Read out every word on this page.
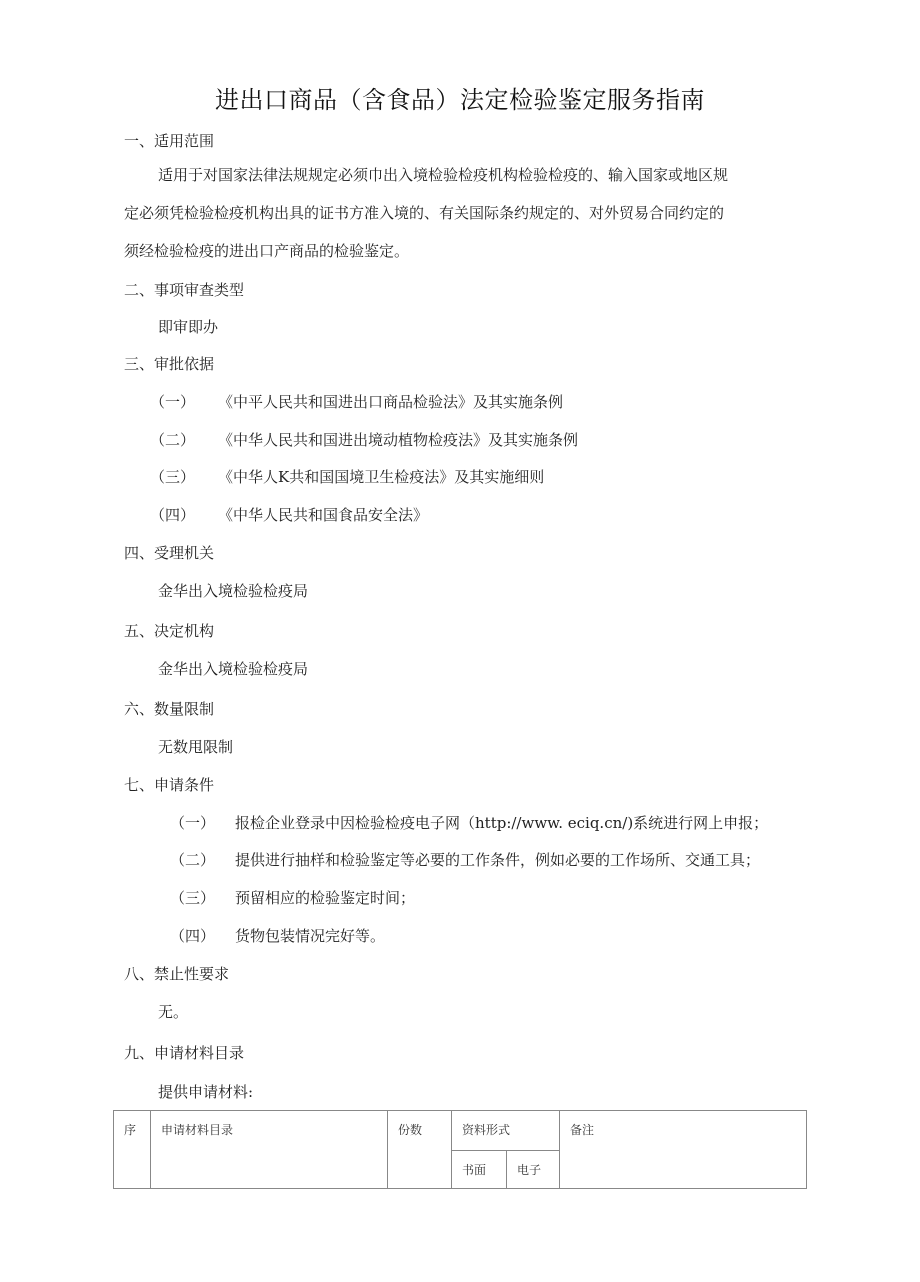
进出口商品（含食品）法定检验鉴定服务指南
一、适用范围
适用于对国家法律法规规定必须巾出入境检验检疫机构检验检疫的、输入国家或地区规
定必须凭检验检疫机构出具的证书方准入境的、有关国际条约规定的、对外贸易合同约定的
须经检验检疫的进出口产商品的检验鉴定。
二、事项审查类型
即审即办
三、审批依据
（一） 《中平人民共和国进出口商品检验法》及其实施条例
（二） 《中华人民共和国进出境动植物检疫法》及其实施条例
（三） 《中华人K共和国国境卫生检疫法》及其实施细则
（四） 《中华人民共和国食品安全法》
四、受理机关
金华出入境检验检疫局
五、决定机构
金华出入境检验检疫局
六、数量限制
无数甩限制
七、申请条件
（一） 报检企业登录中因检验检疫电子网（http://www. eciq.cn/)系统进行网上申报；
（二） 提供进行抽样和检验鉴定等必要的工作条件，例如必要的工作场所、交通工具；
（三） 预留相应的检验鉴定时间；
（四） 货物包装情况完好等。
八、禁止性要求
无。
九、申请材料目录
提供申请材料:
序	申请材料目录	份数	资料形式		备注
			书面	电子	
